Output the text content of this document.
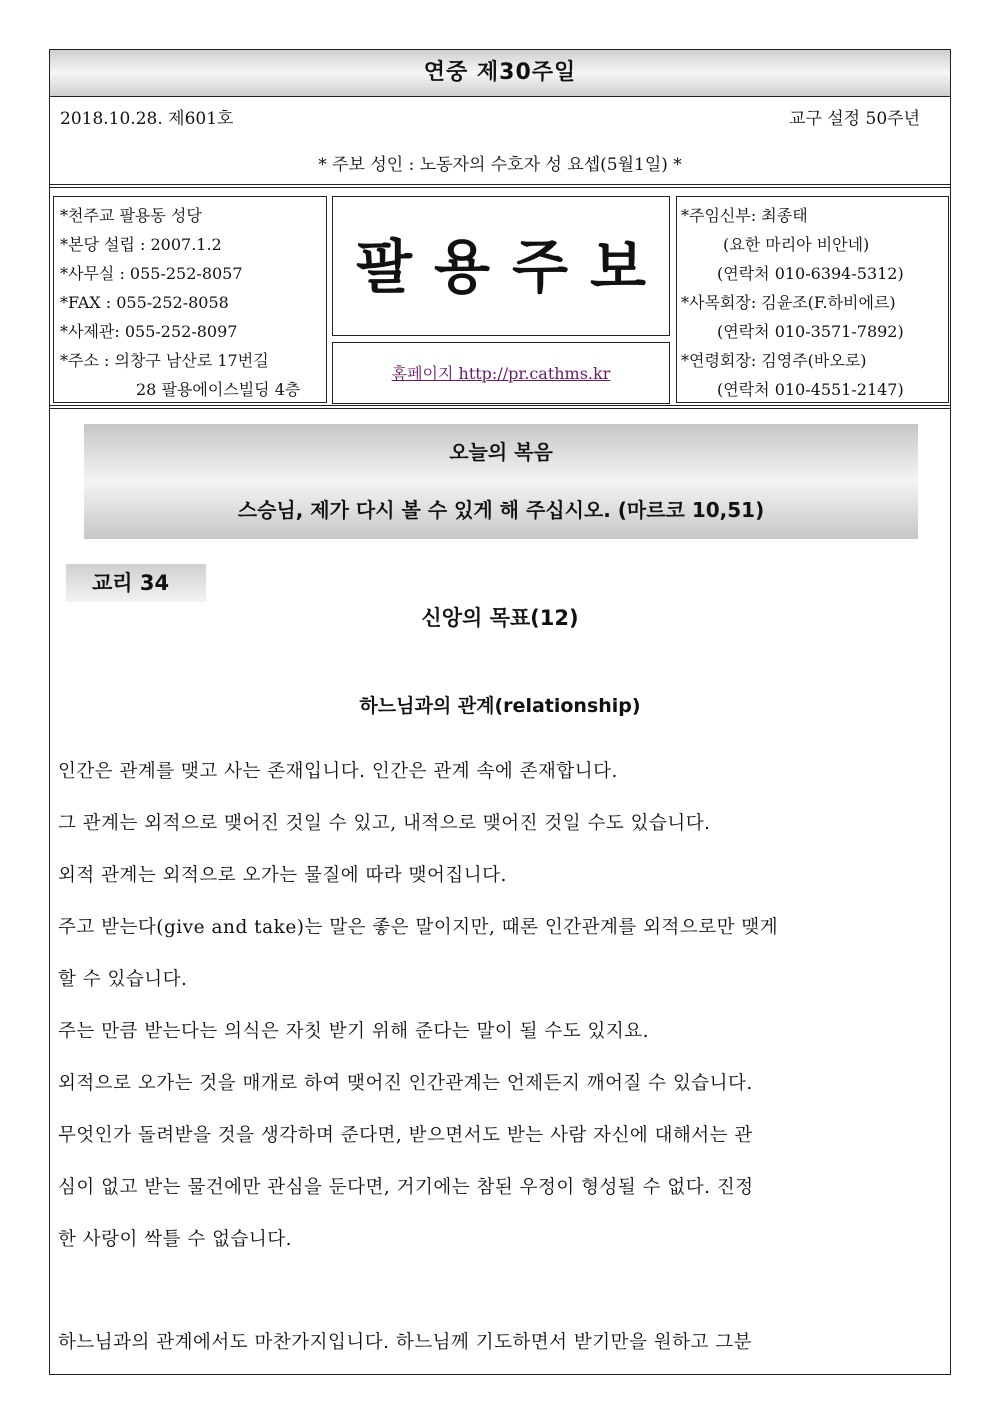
연중 제30주일
2018.10.28. 제601호	교구 설정 50주년
* 주보 성인 : 노동자의 수호자 성 요셉(5월1일) *
*천주교 팔용동 성당
*본당 설립 : 2007.1.2
*사무실 : 055-252-8057
*FAX : 055-252-8058
*사제관: 055-252-8097
*주소 : 의창구 남산로 17번길
28 팔용에이스빌딩 4층
팔용주보
홈페이지 http://pr.cathms.kr
*주임신부: 최종태
(요한 마리아 비안네)
(연락처 010-6394-5312)
*사목회장: 김윤조(F.하비에르)
(연락처 010-3571-7892)
*연령회장: 김영주(바오로)
(연락처 010-4551-2147)
오늘의 복음
스승님, 제가 다시 볼 수 있게 해 주십시오. (마르코 10,51)
교리 34
신앙의 목표(12)
하느님과의 관계(relationship)
인간은 관계를 맺고 사는 존재입니다. 인간은 관계 속에 존재합니다.
그 관계는 외적으로 맺어진 것일 수 있고, 내적으로 맺어진 것일 수도 있습니다.
외적 관계는 외적으로 오가는 물질에 따라 맺어집니다.
주고 받는다(give and take)는 말은 좋은 말이지만, 때론 인간관계를 외적으로만 맺게
할 수 있습니다.
주는 만큼 받는다는 의식은 자칫 받기 위해 준다는 말이 될 수도 있지요.
외적으로 오가는 것을 매개로 하여 맺어진 인간관계는 언제든지 깨어질 수 있습니다.
무엇인가 돌려받을 것을 생각하며 준다면, 받으면서도 받는 사람 자신에 대해서는 관
심이 없고 받는 물건에만 관심을 둔다면, 거기에는 참된 우정이 형성될 수 없다. 진정
한 사랑이 싹틀 수 없습니다.
하느님과의 관계에서도 마찬가지입니다. 하느님께 기도하면서 받기만을 원하고 그분
